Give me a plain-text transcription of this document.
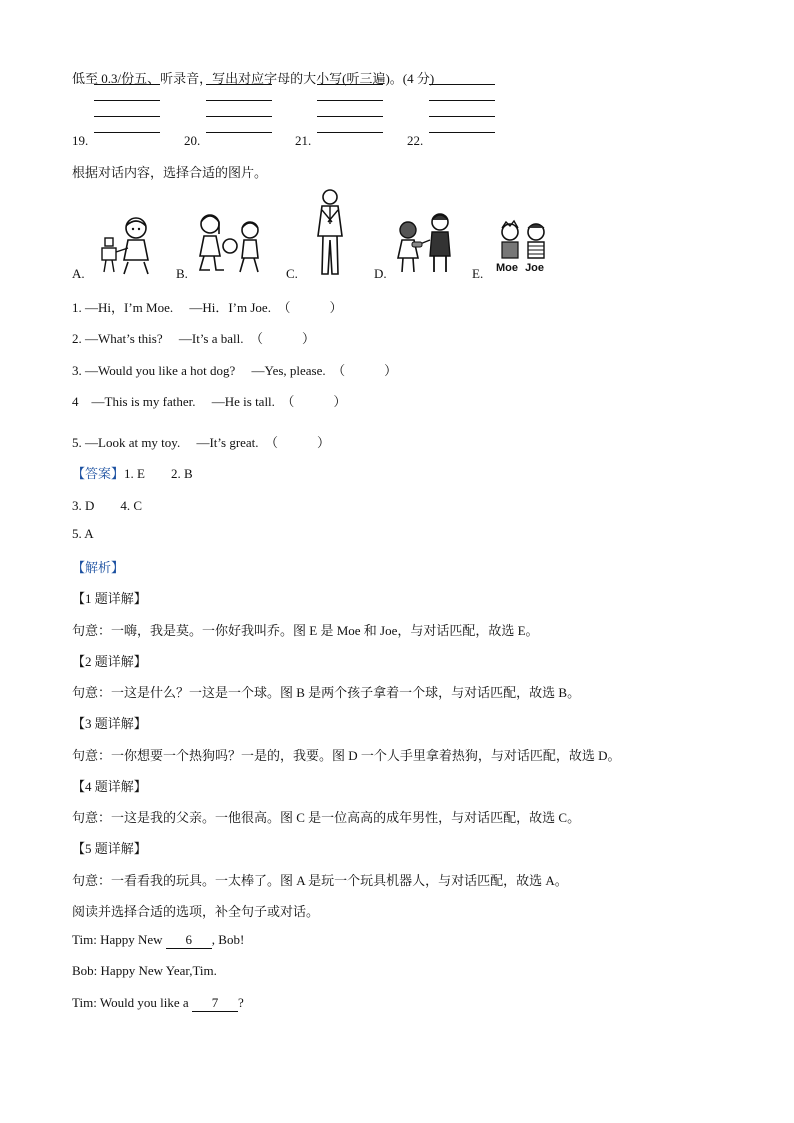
低至 0.3/份五、听录音，写出对应字母的大小写(听三遍)。(4 分)
19.	20.	21.	22.
根据对话内容，选择合适的图片。
A.	B.	C.	D.	E. Moe Joe
1. —Hi，I’m Moe.　 —Hi．I’m Joe.　（　　　）
2. —What’s this?　 —It’s a ball.　（　　　）
3. —Would you like a hot dog?　 —Yes, please.　（　　　）
4　—This is my father.　 —He is tall.　（　　　）
5. —Look at my toy.　 —It’s great.　（　　　）
【答案】1. E　　2. B
3. D　　4. C
5. A
【解析】
【1 题详解】
句意：一嗨，我是莫。一你好我叫乔。图 E 是 Moe 和 Joe，与对话匹配，故选 E。
【2 题详解】
句意：一这是什么？一这是一个球。图 B 是两个孩子拿着一个球，与对话匹配，故选 B。
【3 题详解】
句意：一你想要一个热狗吗？一是的，我要。图 D 一个人手里拿着热狗，与对话匹配，故选 D。
【4 题详解】
句意：一这是我的父亲。一他很高。图 C 是一位高高的成年男性，与对话匹配，故选 C。
【5 题详解】
句意：一看看我的玩具。一太棒了。图 A 是玩一个玩具机器人，与对话匹配，故选 A。
阅读并选择合适的选项，补全句子或对话。
Tim: Happy New 6 , Bob!
Bob: Happy New Year,Tim.
Tim: Would you like a 7 ?
